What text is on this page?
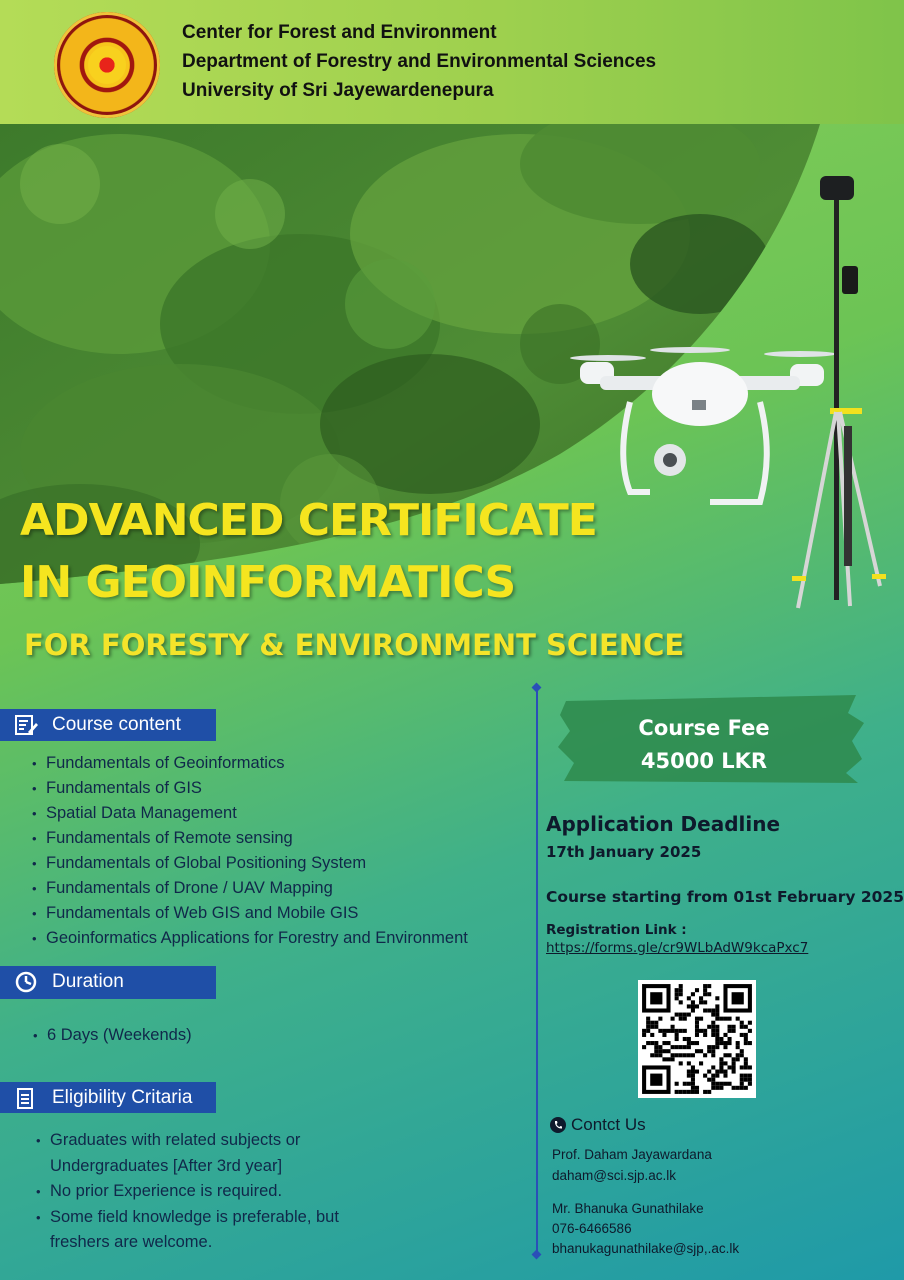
Center for Forest and Environment
Department of Forestry and Environmental Sciences
University of Sri Jayewardenepura
ADVANCED CERTIFICATE
IN GEOINFORMATICS
FOR FORESTY & ENVIRONMENT SCIENCE
Course content
• Fundamentals of Geoinformatics
• Fundamentals of GIS
• Spatial Data Management
• Fundamentals of Remote sensing
• Fundamentals of Global Positioning System
• Fundamentals of Drone / UAV Mapping
• Fundamentals of Web GIS and Mobile GIS
• Geoinformatics Applications for Forestry and Environment
Duration
• 6 Days (Weekends)
Eligibility Critaria
• Graduates with related subjects or
Undergraduates [After 3rd year]
• No prior Experience is required.
• Some field knowledge is preferable, but
freshers are welcome.
Course Fee
45000 LKR
Application Deadline
17th January 2025
Course starting from 01st February 2025
Registration Link :
https://forms.gle/cr9WLbAdW9kcaPxc7
Contct Us
Prof. Daham Jayawardana
daham@sci.sjp.ac.lk
Mr. Bhanuka Gunathilake
076-6466586
bhanukagunathilake@sjp,.ac.lk
